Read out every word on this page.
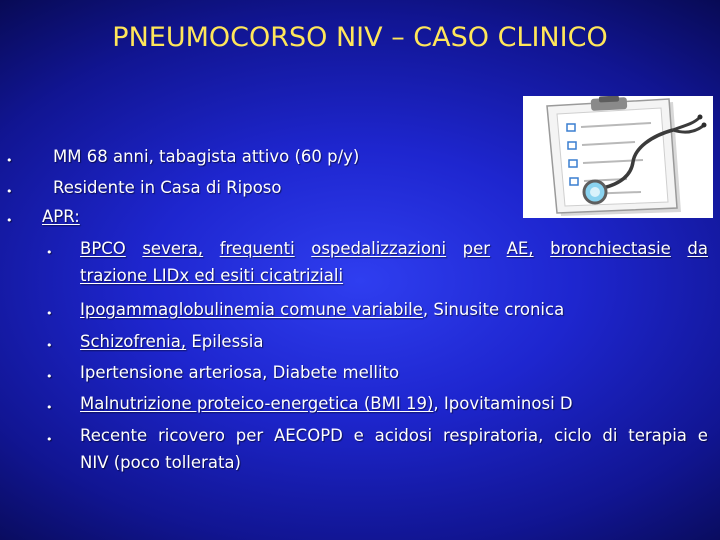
PNEUMOCORSO NIV – CASO CLINICO
• MM 68 anni, tabagista attivo (60 p/y)
• Residente in Casa di Riposo
• APR:
• BPCO severa, frequenti ospedalizzazioni per AE, bronchiectasie da
trazione LIDx ed esiti cicatriziali
• Ipogammaglobulinemia comune variabile, Sinusite cronica
• Schizofrenia, Epilessia
• Ipertensione arteriosa, Diabete mellito
• Malnutrizione proteico-energetica (BMI 19), Ipovitaminosi D
• Recente ricovero per AECOPD e acidosi respiratoria, ciclo di terapia e
NIV (poco tollerata)
